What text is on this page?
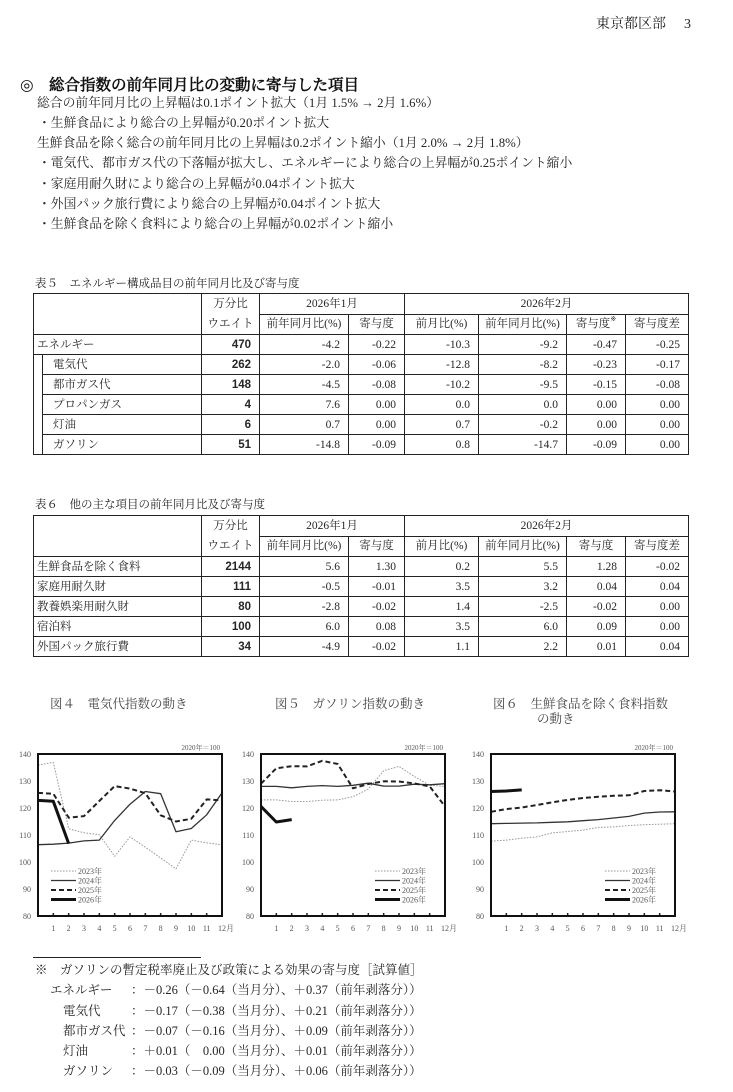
東京都区部 3
◎　総合指数の前年同月比の変動に寄与した項目
総合の前年同月比の上昇幅は0.1ポイント拡大（1月 1.5% → 2月 1.6%）
・生鮮食品により総合の上昇幅が0.20ポイント拡大
生鮮食品を除く総合の前年同月比の上昇幅は0.2ポイント縮小（1月 2.0% → 2月 1.8%）
・電気代、都市ガス代の下落幅が拡大し、エネルギーにより総合の上昇幅が0.25ポイント縮小
・家庭用耐久財により総合の上昇幅が0.04ポイント拡大
・外国パック旅行費により総合の上昇幅が0.04ポイント拡大
・生鮮食品を除く食料により総合の上昇幅が0.02ポイント縮小
表５　エネルギー構成品目の前年同月比及び寄与度

		万分比
ウエイト	2026年1月		2026年2月			
			前年同月比(%)	寄与度	前月比(%)	前年同月比(%)	寄与度※	寄与度差
エネルギー		470	-4.2	-0.22	-10.3	-9.2	-0.47	-0.25
	電気代	262	-2.0	-0.06	-12.8	-8.2	-0.23	-0.17
	都市ガス代	148	-4.5	-0.08	-10.2	-9.5	-0.15	-0.08
	プロパンガス	4	7.6	0.00	0.0	0.0	0.00	0.00
	灯油	6	0.7	0.00	0.7	-0.2	0.00	0.00
	ガソリン	51	-14.8	-0.09	0.8	-14.7	-0.09	0.00
表６　他の主な項目の前年同月比及び寄与度

	万分比
ウエイト	2026年1月		2026年2月			
		前年同月比(%)	寄与度	前月比(%)	前年同月比(%)	寄与度	寄与度差
生鮮食品を除く食料	2144	5.6	1.30	0.2	5.5	1.28	-0.02
家庭用耐久財	111	-0.5	-0.01	3.5	3.2	0.04	0.04
教養娯楽用耐久財	80	-2.8	-0.02	1.4	-2.5	-0.02	0.00
宿泊料	100	6.0	0.08	3.5	6.0	0.09	0.00
外国パック旅行費	34	-4.9	-0.02	1.1	2.2	0.01	0.04
図４　電気代指数の動き	図５　ガソリン指数の動き	図６　生鮮食品を除く食料指数
の動き
2020年＝100
140
130
120
110
100
90
80
1 2 3 4 5 6 7 8 9 10 11 12月
2023年
2024年
2025年
2026年
2020年＝100
140
130
120
110
100
90
80
1 2 3 4 5 6 7 8 9 10 11 12月
2023年
2024年
2025年
2026年
2020年＝100
140
130
120
110
100
90
80
1 2 3 4 5 6 7 8 9 10 11 12月
2023年
2024年
2025年
2026年
※　ガソリンの暫定税率廃止及び政策による効果の寄与度［試算値］
エネルギー ：－0.26（－0.64（当月分）、＋0.37（前年剥落分））
電気代 ：－0.17（－0.38（当月分）、＋0.21（前年剥落分））
都市ガス代 ：－0.07（－0.16（当月分）、＋0.09（前年剥落分））
灯油	：＋0.01（　0.00（当月分）、＋0.01（前年剥落分））
ガソリン ：－0.03（－0.09（当月分）、＋0.06（前年剥落分））
